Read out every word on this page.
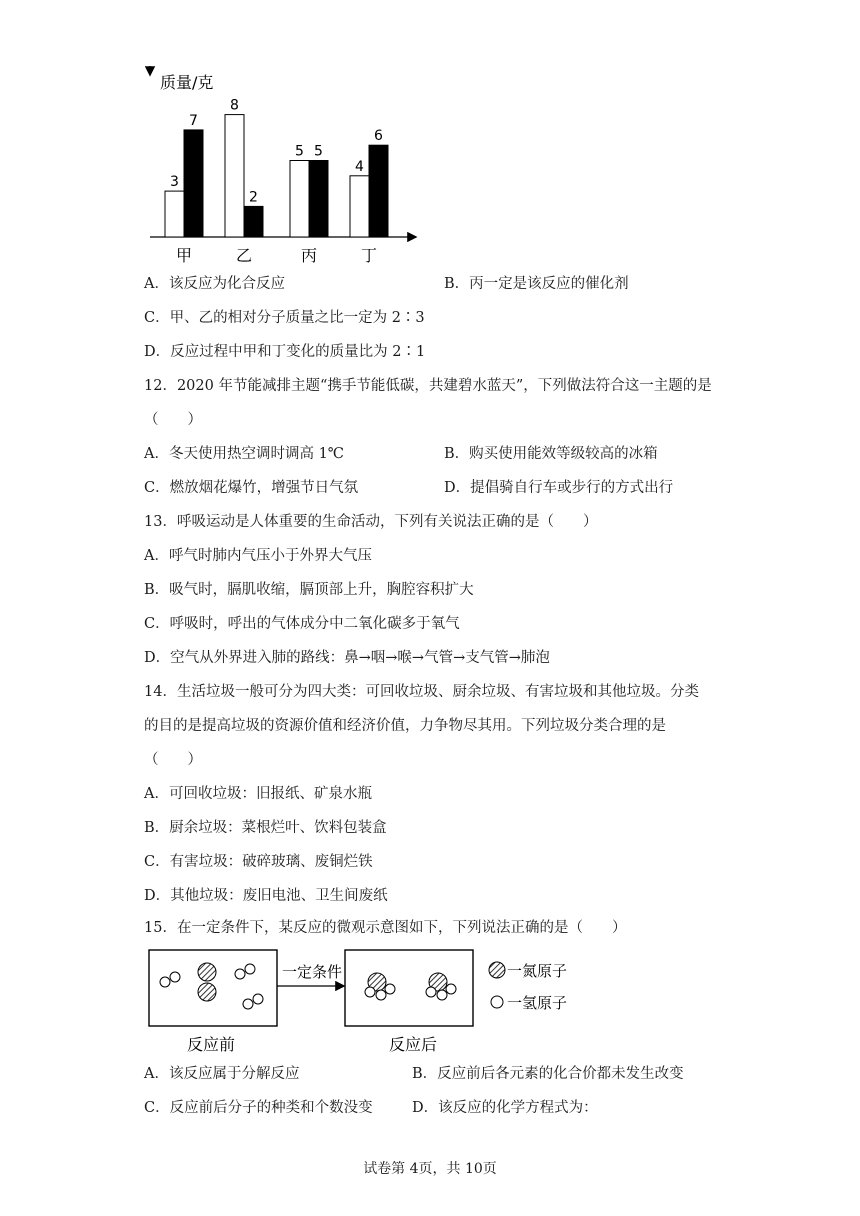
质量/克
3
7
甲
8
2
乙
5 5
丙
4
6
丁
A．该反应为化合反应	B．丙一定是该反应的催化剂
C．甲、乙的相对分子质量之比一定为 2∶3
D．反应过程中甲和丁变化的质量比为 2∶1
12．2020 年节能减排主题“携手节能低碳，共建碧水蓝天”，下列做法符合这一主题的是
（　　）
A．冬天使用热空调时调高 1℃	B．购买使用能效等级较高的冰箱
C．燃放烟花爆竹，增强节日气氛	D．提倡骑自行车或步行的方式出行
13．呼吸运动是人体重要的生命活动，下列有关说法正确的是（　　）
A．呼气时肺内气压小于外界大气压
B．吸气时，膈肌收缩，膈顶部上升，胸腔容积扩大
C．呼吸时，呼出的气体成分中二氧化碳多于氧气
D．空气从外界进入肺的路线：鼻→咽→喉→气管→支气管→肺泡
14．生活垃圾一般可分为四大类：可回收垃圾、厨余垃圾、有害垃圾和其他垃圾。分类
的目的是提高垃圾的资源价值和经济价值，力争物尽其用。下列垃圾分类合理的是
（　　）
A．可回收垃圾：旧报纸、矿泉水瓶
B．厨余垃圾：菜根烂叶、饮料包装盒
C．有害垃圾：破碎玻璃、废铜烂铁
D．其他垃圾：废旧电池、卫生间废纸
15．在一定条件下，某反应的微观示意图如下，下列说法正确的是（　　）
一定条件	一氮原子
一氢原子
反应前	反应后
A．该反应属于分解反应	B．反应前后各元素的化合价都未发生改变
C．反应前后分子的种类和个数没变	D．该反应的化学方程式为：
试卷第 4页，共 10页
